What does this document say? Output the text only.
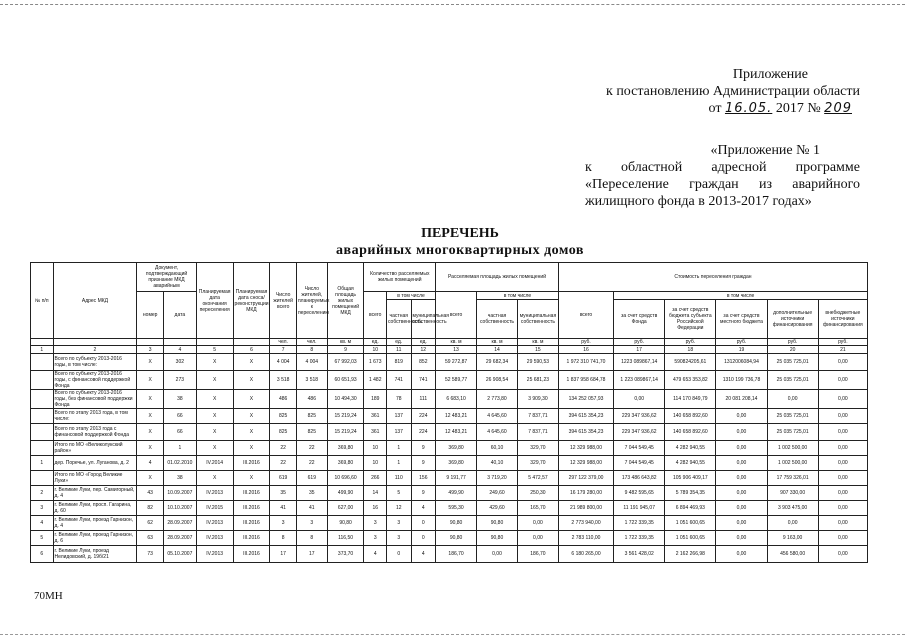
Приложение
к постановлению Администрации области
от 16.05. 2017 № 209
«Приложение № 1
к областной адресной программе
«Переселение граждан из аварийного
жилищного фонда в 2013-2017 годах»
ПЕРЕЧЕНЬ
аварийных многоквартирных домов
№ п/п	Адрес МКД	Документ, подтверждающий признание МКД аварийным		Планируемая дата окончания переселения	Планируемая дата сноса/ реконструкции МКД	Число жителей всего	Число жителей, планируемых к переселению	Общая площадь жилых помещений МКД	Количество расселяемых жилых помещений			Расселяемая площадь жилых помещений			Стоимость переселения граждан					
		номер	дата						всего	в том числе		всего	в том числе		всего	в том числе				
										частная собственность	муниципальная собственность		частная собственность	муниципальная собственность		за счет средств Фонда	за счет средств бюджета субъекта Российской Федерации	за счет средств местного бюджета	дополнительные источники финансирования	внебюджетные источники финансирования
						чел.	чел.	кв. м	ед.	ед.	ед.	кв. м	кв. м	кв. м	руб.	руб.	руб.	руб.	руб.	руб.
1	2	3	4	5	6	7	8	9	10	11	12	13	14	15	16	17	18	19	20	21
	Всего по субъекту 2013-2016 годы, в том числе:	X	302	X	X	4 004	4 004	67 992,03	1 673	819	852	59 272,87	29 682,34	29 590,53	1 972 310 741,70	1223 089867,14	590824205,61	1312006084,94	25 035 725,01	0,00
	Всего по субъекту 2013-2016 годы, с финансовой поддержкой Фонда	X	273	X	X	3 518	3 518	60 651,93	1 482	741	741	52 589,77	26 908,54	25 681,23	1 837 958 684,78	1 223 089867,14	479 653 353,82	1310 199 736,78	25 035 725,01	0,00
	Всего по субъекту 2013-2016 годы, без финансовой поддержки Фонда	X	38	X	X	486	486	10 494,30	189	78	111	6 683,10	2 773,80	3 909,30	134 252 057,93	0,00	114 170 849,79	20 081 208,14	0,00	0,00
	Всего по этапу 2013 года, в том числе:	X	66	X	X	825	825	15 219,24	361	137	224	12 483,21	4 645,60	7 837,71	394 615 354,23	229 347 936,62	140 658 892,60	0,00	25 035 725,01	0,00
	Всего по этапу 2013 года с финансовой поддержкой Фонда	X	66	X	X	825	825	15 219,24	361	137	224	12 483,21	4 645,60	7 837,71	394 615 354,23	229 347 936,62	140 658 892,60	0,00	25 035 725,01	0,00
	Итого по МО «Великолукский район»	X	1	X	X	22	22	369,80	10	1	9	369,80	60,10	329,70	12 329 988,00	7 044 549,45	4 282 940,55	0,00	1 002 500,00	0,00
1	дер. Поречье, ул. Луганова, д. 2	4	01.02.2010	IV.2014	III.2016	22	22	369,80	10	1	9	369,80	40,10	329,70	12 329 988,00	7 044 549,45	4 282 940,55	0,00	1 002 500,00	0,00
	Итого по МО «Город Великие Луки»	X	38	X	X	619	619	10 696,60	266	110	156	9 191,77	3 719,20	5 472,57	297 122 379,00	173 486 643,82	105 906 409,17	0,00	17 759 326,01	0,00
2	г. Великие Луки, пер. Самигорный, д. 4	43	10.09.2007	IV.2013	III.2016	35	35	499,90	14	5	9	499,90	249,60	250,30	16 179 280,00	9 482 595,65	5 789 354,35	0,00	907 330,00	0,00
3	г. Великие Луки, просп. Гагарина, д. 60	82	10.10.2007	IV.2015	III.2016	41	41	627,00	16	12	4	595,30	429,60	165,70	21 989 800,00	11 191 945,07	6 894 469,93	0,00	3 903 475,00	0,00
4	г. Великие Луки, проезд Гарнизон, д. 4	62	28.09.2007	IV.2013	III.2016	3	3	90,80	3	3	0	90,80	90,80	0,00	2 773 940,00	1 722 339,35	1 051 600,65	0,00	0,00	0,00
5	г. Великие Луки, проезд Гарнизон, д. 6	63	28.09.2007	IV.2013	III.2016	8	8	116,50	3	3	0	90,80	90,80	0,00	2 783 110,00	1 722 339,35	1 051 600,65	0,00	9 163,00	0,00
6	г. Великие Луки, проезд Нелидовский, д. 19б/21	73	05.10.2007	IV.2013	III.2016	17	17	373,70	4	0	4	186,70	0,00	186,70	6 180 265,00	3 561 428,02	2 162 266,98	0,00	456 580,00	0,00
70МН
